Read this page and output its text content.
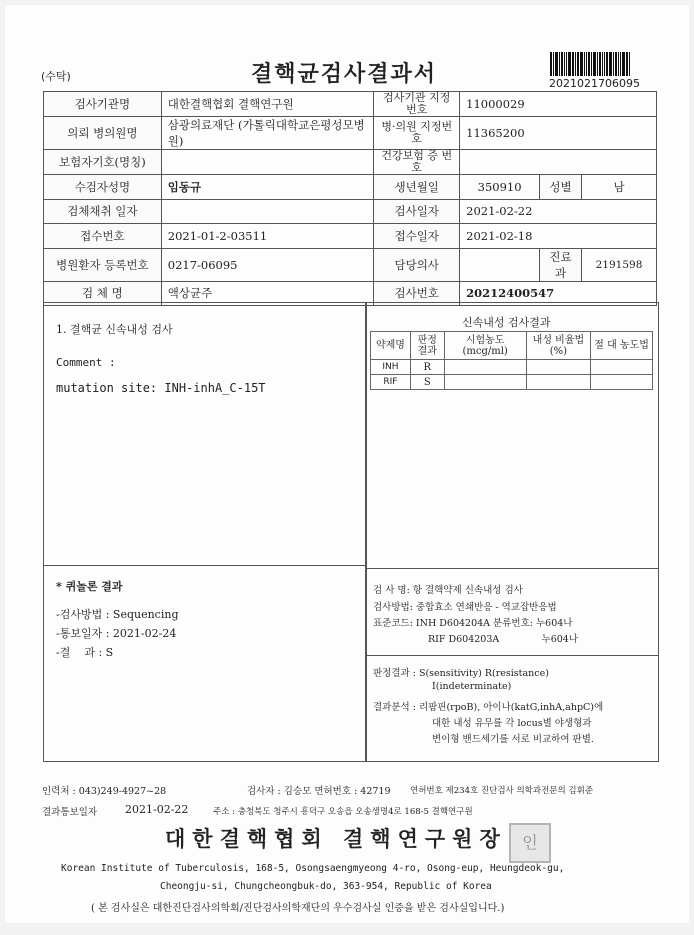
(수탁)	결핵균검사결과서	2021021706095
검사기관명	대한결핵협회 결핵연구원	검사기관 지정번호	11000029		
의뢰 병의원명	삼광의료재단 (가톨릭대학교은평성모병원)	병·의원 지정번호	11365200		
보험자기호(명칭)		건강보험 증 번 호			
수검자성명	임동규	생년월일	350910	성별	남
검체채취 일자		검사일자	2021-02-22		
접수번호	2021-01-2-03511	접수일자	2021-02-18		
병원환자 등록번호	0217-06095	담당의사		진료과	2191598
검 체 명	액상균주	검사번호	20212400547		
1. 결핵균 신속내성 검사
Comment :
mutation site: INH-inhA_C-15T
* 퀴놀론 결과
-검사방법 : Sequencing
-통보일자 : 2021-02-24
-결    과 : S
신속내성 검사결과
검 사 명: 항 결핵약제 신속내성 검사
검사방법: 중합효소 연쇄반응 - 역교잡반응법
표준코드: INH D604204A 분류번호: 누604나
RIF D604203A              누604나
판정결과 : S(sensitivity) R(resistance)
I(indeterminate)
결과분석 : 리팜핀(rpoB), 아이나(katG,inhA,ahpC)에
대한 내성 유무를 각 locus별 야생형과
변이형 밴드세기를 서로 비교하여 판별.
약제명	판정 결과	시험농도 (mcg/ml)	내성 비율법(%)	절 대 농도법
INH	R			
RIF	S			
인력처 : 043)249-4927~28	검사자 : 김승모 면허번호 : 42719 연허번호 제234호 진단검사 의학과전문의 김휘준
결과통보일자	2021-02-22	주소 : 충청북도 청주시 흥덕구 오송읍 오송생명4로 168-5 결핵연구원
대한결핵협회 결핵연구원장 인
Korean Institute of Tuberculosis, 168-5, Osongsaengmyeong 4-ro, Osong-eup, Heungdeok-gu,
Cheongju-si, Chungcheongbuk-do, 363-954, Republic of Korea
( 본 검사실은 대한진단검사의학회/진단검사의학재단의 우수검사실 인증을 받은 검사실입니다.)
